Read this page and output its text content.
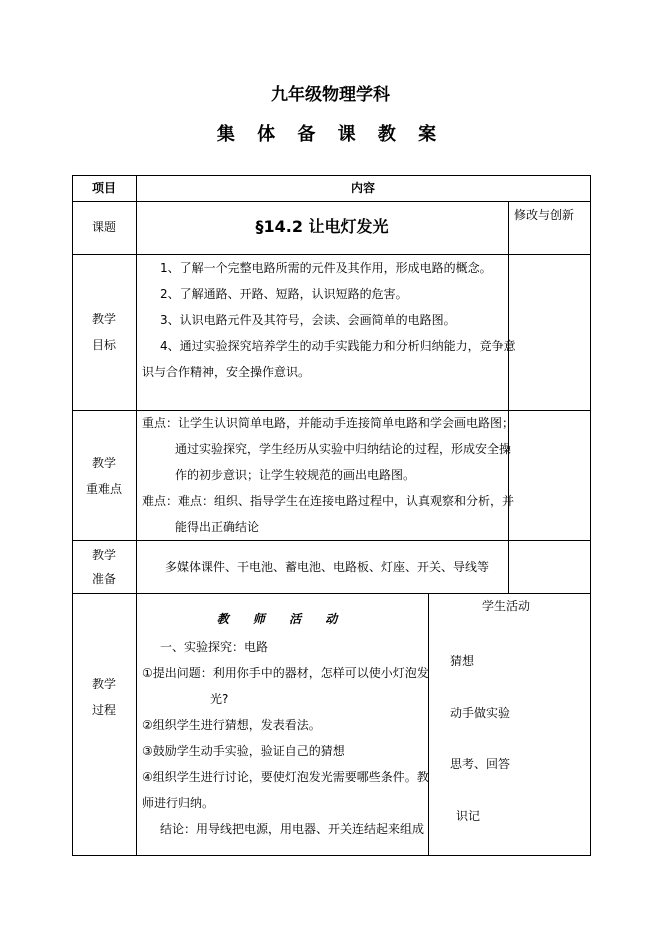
九年级物理学科
集 体 备 课 教 案
项目	内容
课题	§14.2 让电灯发光
修改与创新
教学
目标
1、了解一个完整电路所需的元件及其作用，形成电路的概念。
2、了解通路、开路、短路，认识短路的危害。
3、认识电路元件及其符号，会读、会画简单的电路图。
4、通过实验探究培养学生的动手实践能力和分析归纳能力，竞争意
识与合作精神，安全操作意识。
教学
重难点
重点：让学生认识简单电路，并能动手连接简单电路和学会画电路图；
通过实验探究，学生经历从实验中归纳结论的过程，形成安全操
作的初步意识；让学生较规范的画出电路图。
难点：难点：组织、指导学生在连接电路过程中，认真观察和分析，并
能得出正确结论
教学
准备
多媒体课件、干电池、蓄电池、电路板、灯座、开关、导线等
教学
过程
教 师 活 动
学生活动
一、实验探究：电路
①提出问题：利用你手中的器材，怎样可以使小灯泡发
光?
②组织学生进行猜想，发表看法。
③鼓励学生动手实验，验证自己的猜想
④组织学生进行讨论，要使灯泡发光需要哪些条件。教
师进行归纳。
结论：用导线把电源，用电器、开关连结起来组成
猜想
动手做实验
思考、回答
识记
